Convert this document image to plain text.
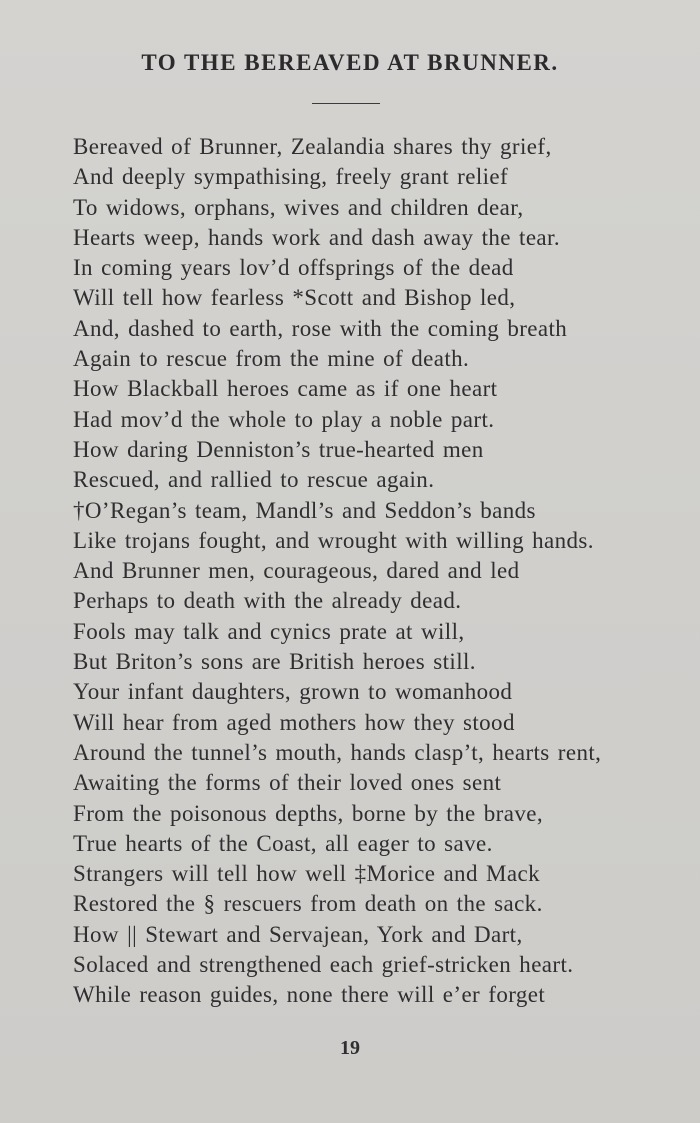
TO THE BEREAVED AT BRUNNER.
Bereaved of Brunner, Zealandia shares thy grief,
And deeply sympathising, freely grant relief
To widows, orphans, wives and children dear,
Hearts weep, hands work and dash away the tear.
In coming years lov’d offsprings of the dead
Will tell how fearless *Scott and Bishop led,
And, dashed to earth, rose with the coming breath
Again to rescue from the mine of death.
How Blackball heroes came as if one heart
Had mov’d the whole to play a noble part.
How daring Denniston’s true-hearted men
Rescued, and rallied to rescue again.
†O’Regan’s team, Mandl’s and Seddon’s bands
Like trojans fought, and wrought with willing hands.
And Brunner men, courageous, dared and led
Perhaps to death with the already dead.
Fools may talk and cynics prate at will,
But Briton’s sons are British heroes still.
Your infant daughters, grown to womanhood
Will hear from aged mothers how they stood
Around the tunnel’s mouth, hands clasp’t, hearts rent,
Awaiting the forms of their loved ones sent
From the poisonous depths, borne by the brave,
True hearts of the Coast, all eager to save.
Strangers will tell how well ‡Morice and Mack
Restored the § rescuers from death on the sack.
How || Stewart and Servajean, York and Dart,
Solaced and strengthened each grief-stricken heart.
While reason guides, none there will e’er forget
19
